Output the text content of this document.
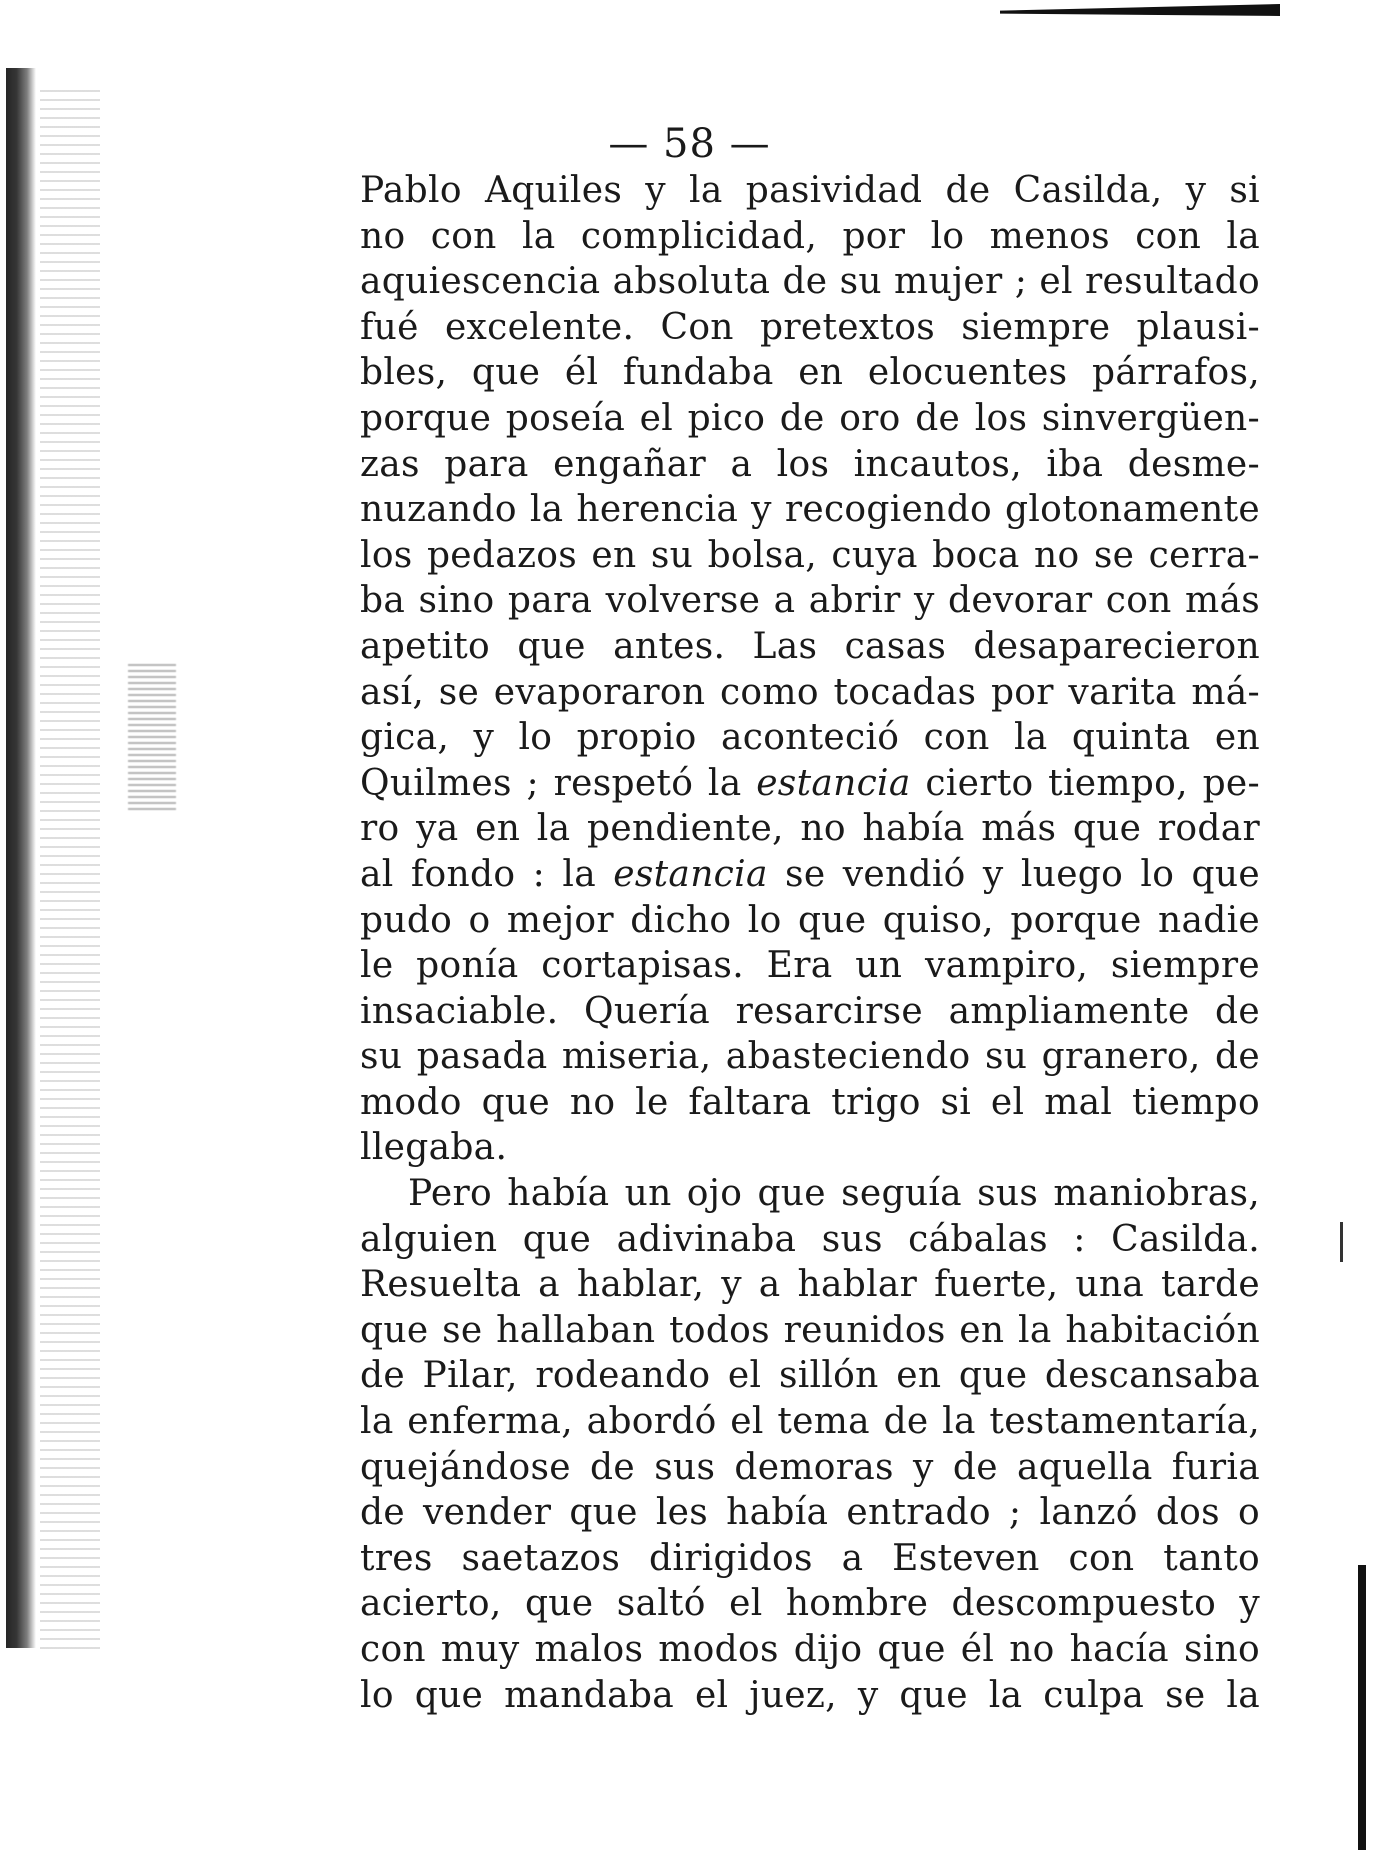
— 58 —
Pablo Aquiles y la pasividad de Casilda, y si
no con la complicidad, por lo menos con la
aquiescencia absoluta de su mujer ; el resultado
fué excelente. Con pretextos siempre plausi-
bles, que él fundaba en elocuentes párrafos,
porque poseía el pico de oro de los sinvergüen-
zas para engañar a los incautos, iba desme-
nuzando la herencia y recogiendo glotonamente
los pedazos en su bolsa, cuya boca no se cerra-
ba sino para volverse a abrir y devorar con más
apetito que antes. Las casas desaparecieron
así, se evaporaron como tocadas por varita má-
gica, y lo propio aconteció con la quinta en
Quilmes ; respetó la estancia cierto tiempo, pe-
ro ya en la pendiente, no había más que rodar
al fondo : la estancia se vendió y luego lo que
pudo o mejor dicho lo que quiso, porque nadie
le ponía cortapisas. Era un vampiro, siempre
insaciable. Quería resarcirse ampliamente de
su pasada miseria, abasteciendo su granero, de
modo que no le faltara trigo si el mal tiempo
llegaba.
Pero había un ojo que seguía sus maniobras,
alguien que adivinaba sus cábalas : Casilda.
Resuelta a hablar, y a hablar fuerte, una tarde
que se hallaban todos reunidos en la habitación
de Pilar, rodeando el sillón en que descansaba
la enferma, abordó el tema de la testamentaría,
quejándose de sus demoras y de aquella furia
de vender que les había entrado ; lanzó dos o
tres saetazos dirigidos a Esteven con tanto
acierto, que saltó el hombre descompuesto y
con muy malos modos dijo que él no hacía sino
lo que mandaba el juez, y que la culpa se la
